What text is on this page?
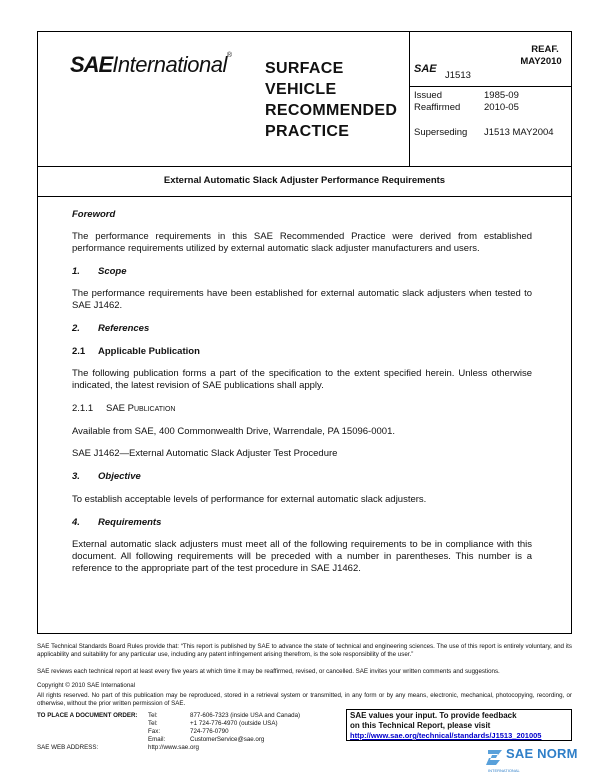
SAEInternational®
SURFACE
VEHICLE
RECOMMENDED
PRACTICE
SAE
J1513
REAF.
MAY2010
Issued	1985-09
Reaffirmed 2010-05
Superseding J1513 MAY2004
External Automatic Slack Adjuster Performance Requirements
Foreword
The performance requirements in this SAE Recommended Practice were derived from established performance requirements utilized by external automatic slack adjuster manufacturers and users.
1. Scope
The performance requirements have been established for external automatic slack adjusters when tested to SAE J1462.
2. References
2.1 Applicable Publication
The following publication forms a part of the specification to the extent specified herein. Unless otherwise indicated, the latest revision of SAE publications shall apply.
2.1.1 SAE Publication
Available from SAE, 400 Commonwealth Drive, Warrendale, PA 15096-0001.
SAE J1462—External Automatic Slack Adjuster Test Procedure
3. Objective
To establish acceptable levels of performance for external automatic slack adjusters.
4. Requirements
External automatic slack adjusters must meet all of the following requirements to be in compliance with this document. All following requirements will be preceded with a number in parentheses. This number is a reference to the appropriate part of the test procedure in SAE J1462.
SAE Technical Standards Board Rules provide that: “This report is published by SAE to advance the state of technical and engineering sciences. The use of this report is entirely voluntary, and its applicability and suitability for any particular use, including any patent infringement arising therefrom, is the sole responsibility of the user.”
SAE reviews each technical report at least every five years at which time it may be reaffirmed, revised, or cancelled. SAE invites your written comments and suggestions.
Copyright © 2010 SAE International
All rights reserved. No part of this publication may be reproduced, stored in a retrieval system or transmitted, in any form or by any means, electronic, mechanical, photocopying, recording, or otherwise, without the prior written permission of SAE.
TO PLACE A DOCUMENT ORDER: Tel:	877-606-7323 (inside USA and Canada)
Tel:	+1 724-776-4970 (outside USA)
Fax:	724-776-0790
Email:	CustomerService@sae.org
SAE WEB ADDRESS:	http://www.sae.org
SAE values your input. To provide feedback
on this Technical Report, please visit
http://www.sae.org/technical/standards/J1513_201005
SAE NORM
INTERNATIONAL
